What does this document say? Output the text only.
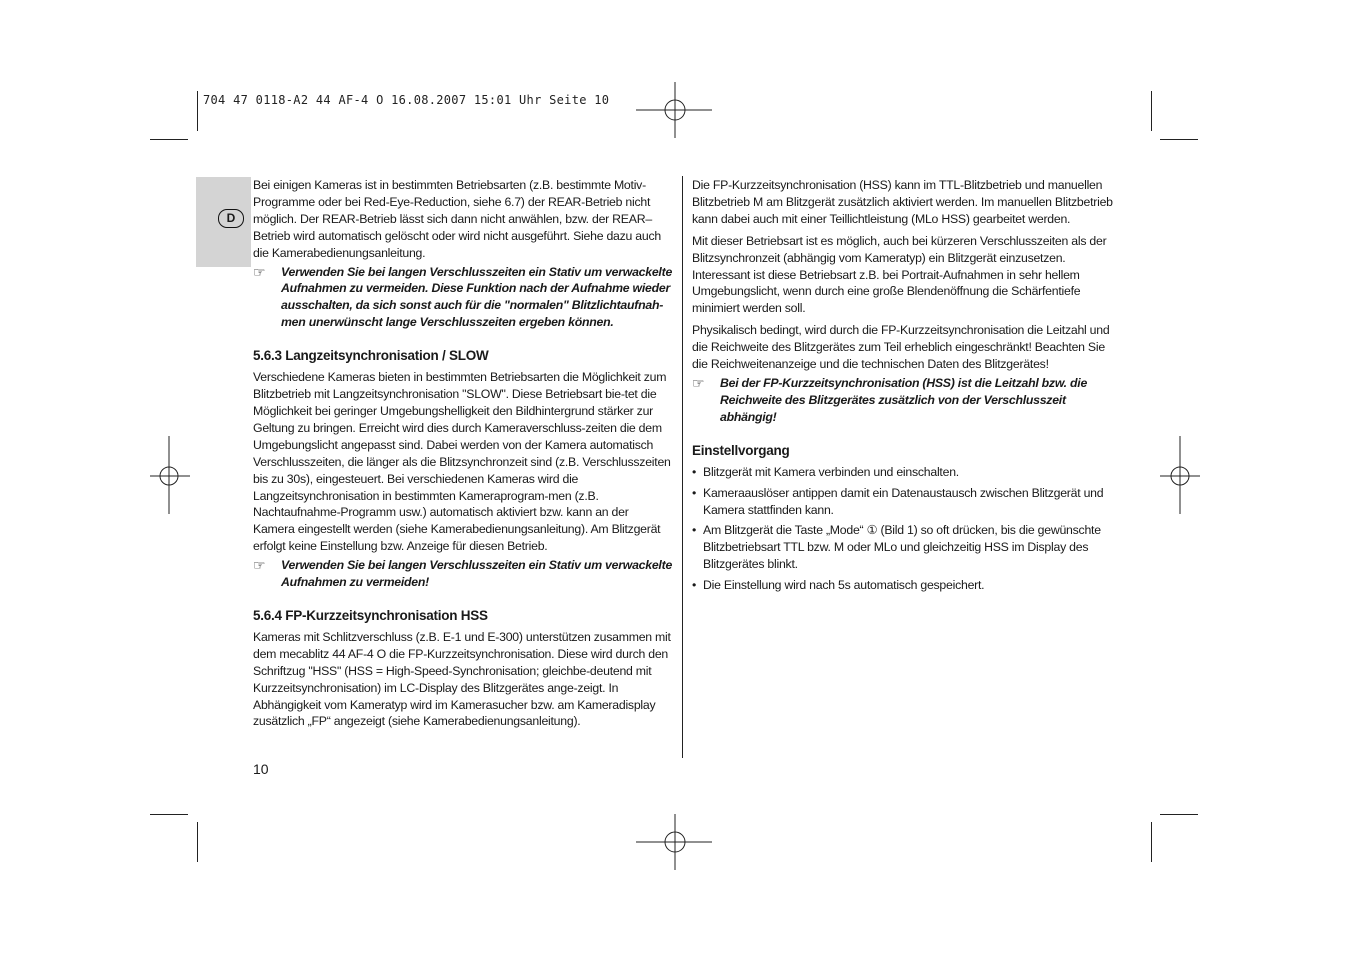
704 47 0118-A2 44 AF-4 O 16.08.2007 15:01 Uhr Seite 10
D

Bei einigen Kameras ist in bestimmten Betriebsarten (z.B. bestimmte Motiv-Programme oder bei Red-Eye-Reduction, siehe 6.7) der REAR-Betrieb nicht möglich. Der REAR-Betrieb lässt sich dann nicht anwählen, bzw. der REAR–Betrieb wird automatisch gelöscht oder wird nicht ausgeführt. Siehe dazu auch die Kamerabedienungsanleitung.

☞	Verwenden Sie bei langen Verschlusszeiten ein Stativ um verwackelte Aufnahmen zu vermeiden. Diese Funktion nach der Aufnahme wieder ausschalten, da sich sonst auch für die "normalen" Blitzlichtaufnah-men unerwünscht lange Verschlusszeiten ergeben können.

5.6.3 Langzeitsynchronisation / SLOW

Verschiedene Kameras bieten in bestimmten Betriebsarten die Möglichkeit zum Blitzbetrieb mit Langzeitsynchronisation "SLOW". Diese Betriebsart bie-tet die Möglichkeit bei geringer Umgebungshelligkeit den Bildhintergrund stärker zur Geltung zu bringen. Erreicht wird dies durch Kameraverschluss-zeiten die dem Umgebungslicht angepasst sind. Dabei werden von der Kamera automatisch Verschlusszeiten, die länger als die Blitzsynchronzeit sind (z.B. Verschlusszeiten bis zu 30s), eingesteuert. Bei verschiedenen Kameras wird die Langzeitsynchronisation in bestimmten Kameraprogram-men (z.B. Nachtaufnahme-Programm usw.) automatisch aktiviert bzw. kann an der Kamera eingestellt werden (siehe Kamerabedienungsanleitung). Am Blitzgerät erfolgt keine Einstellung bzw. Anzeige für diesen Betrieb.

☞	Verwenden Sie bei langen Verschlusszeiten ein Stativ um verwackelte Aufnahmen zu vermeiden!

5.6.4 FP-Kurzzeitsynchronisation HSS

Kameras mit Schlitzverschluss (z.B. E-1 und E-300) unterstützen zusammen mit dem mecablitz 44 AF-4 O die FP-Kurzzeitsynchronisation. Diese wird durch den Schriftzug "HSS" (HSS = High-Speed-Synchronisation; gleichbe-deutend mit Kurzzeitsynchronisation) im LC-Display des Blitzgerätes ange-zeigt. In Abhängigkeit vom Kameratyp wird im Kamerasucher bzw. am Kameradisplay zusätzlich „FP“ angezeigt (siehe Kamerabedienungsanleitung).

Die FP-Kurzzeitsynchronisation (HSS) kann im TTL-Blitzbetrieb und manuellen Blitzbetrieb M am Blitzgerät zusätzlich aktiviert werden. Im manuellen Blitzbetrieb kann dabei auch mit einer Teillichtleistung (MLo HSS) gearbeitet werden.

Mit dieser Betriebsart ist es möglich, auch bei kürzeren Verschlusszeiten als der Blitzsynchronzeit (abhängig vom Kameratyp) ein Blitzgerät einzusetzen. Interessant ist diese Betriebsart z.B. bei Portrait-Aufnahmen in sehr hellem Umgebungslicht, wenn durch eine große Blendenöffnung die Schärfentiefe minimiert werden soll.

Physikalisch bedingt, wird durch die FP-Kurzzeitsynchronisation die Leitzahl und die Reichweite des Blitzgerätes zum Teil erheblich eingeschränkt! Beachten Sie die Reichweitenanzeige und die technischen Daten des Blitzgerätes!

☞	Bei der FP-Kurzzeitsynchronisation (HSS) ist die Leitzahl bzw. die Reichweite des Blitzgerätes zusätzlich von der Verschlusszeit abhängig!

Einstellvorgang

• Blitzgerät mit Kamera verbinden und einschalten.
• Kameraauslöser antippen damit ein Datenaustausch zwischen Blitzgerät und Kamera stattfinden kann.
• Am Blitzgerät die Taste „Mode“ ① (Bild 1) so oft drücken, bis die gewünschte Blitzbetriebsart TTL bzw. M oder MLo und gleichzeitig HSS im Display des Blitzgerätes blinkt.
• Die Einstellung wird nach 5s automatisch gespeichert.
10
